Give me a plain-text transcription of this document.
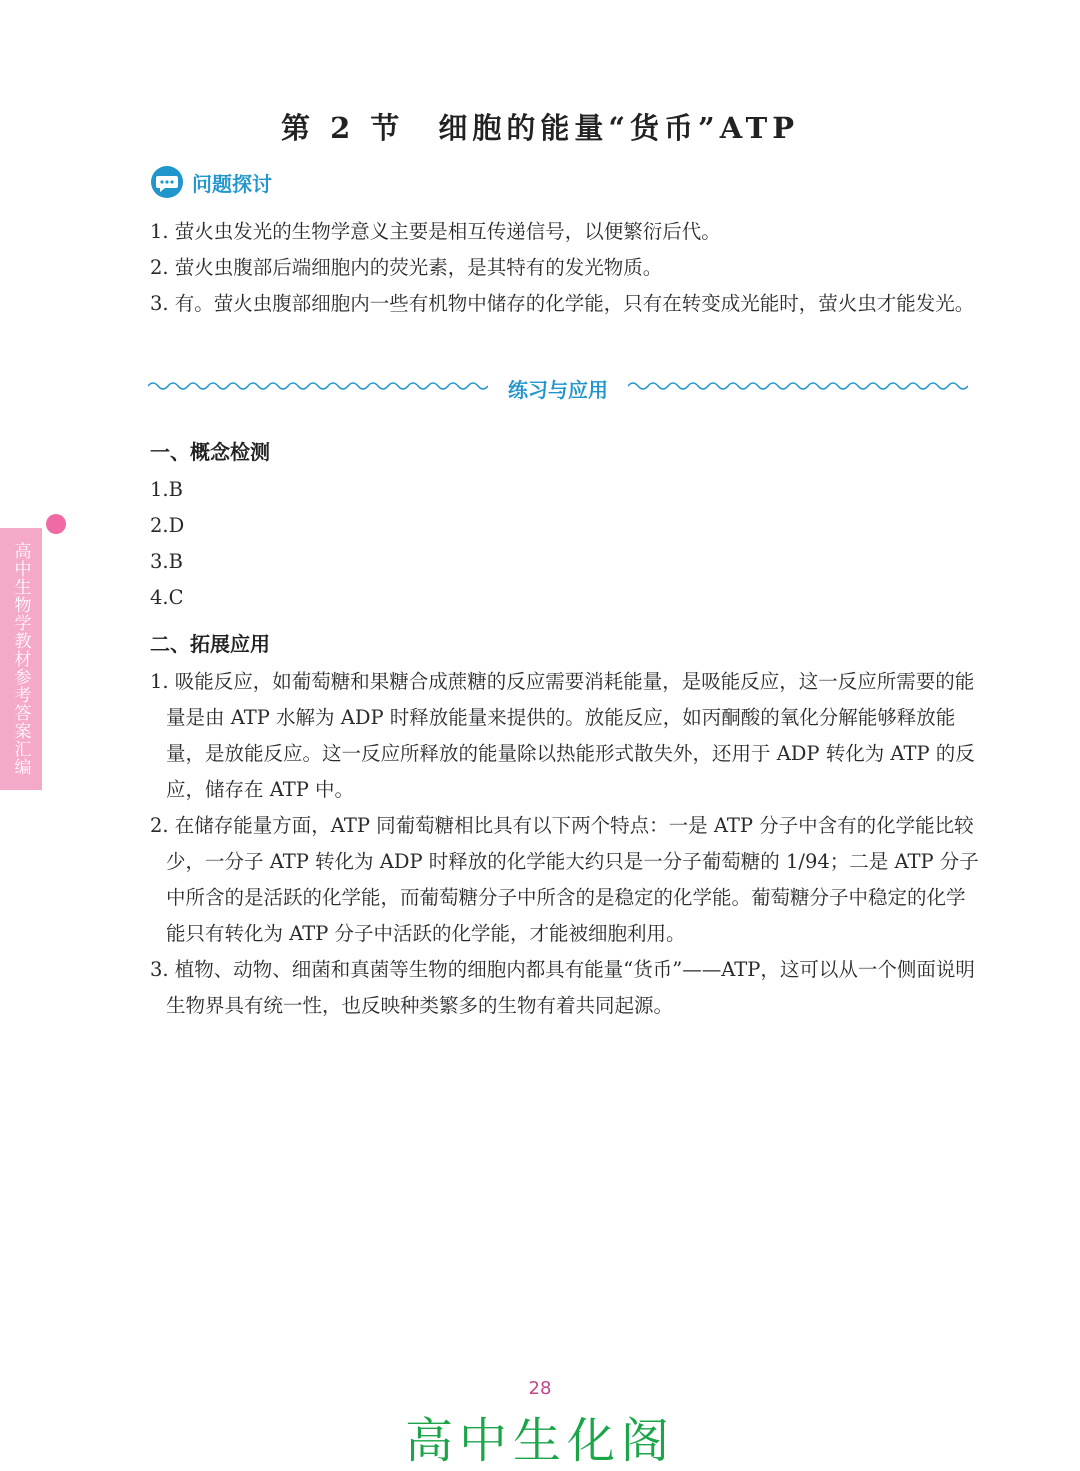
第 2 节　细胞的能量“货币”ATP
问题探讨
1. 萤火虫发光的生物学意义主要是相互传递信号，以便繁衍后代。
2. 萤火虫腹部后端细胞内的荧光素，是其特有的发光物质。
3. 有。萤火虫腹部细胞内一些有机物中储存的化学能，只有在转变成光能时，萤火虫才能发光。
练习与应用
一、概念检测
1.B
2.D
3.B
4.C
二、拓展应用
1. 吸能反应，如葡萄糖和果糖合成蔗糖的反应需要消耗能量，是吸能反应，这一反应所需要的能量是由 ATP 水解为 ADP 时释放能量来提供的。放能反应，如丙酮酸的氧化分解能够释放能量，是放能反应。这一反应所释放的能量除以热能形式散失外，还用于 ADP 转化为 ATP 的反应，储存在 ATP 中。
2. 在储存能量方面，ATP 同葡萄糖相比具有以下两个特点：一是 ATP 分子中含有的化学能比较少，一分子 ATP 转化为 ADP 时释放的化学能大约只是一分子葡萄糖的 1/94；二是 ATP 分子中所含的是活跃的化学能，而葡萄糖分子中所含的是稳定的化学能。葡萄糖分子中稳定的化学能只有转化为 ATP 分子中活跃的化学能，才能被细胞利用。
3. 植物、动物、细菌和真菌等生物的细胞内都具有能量“货币”——ATP，这可以从一个侧面说明生物界具有统一性，也反映种类繁多的生物有着共同起源。
高中生物学教材参考答案汇编
28
高中生化阁
